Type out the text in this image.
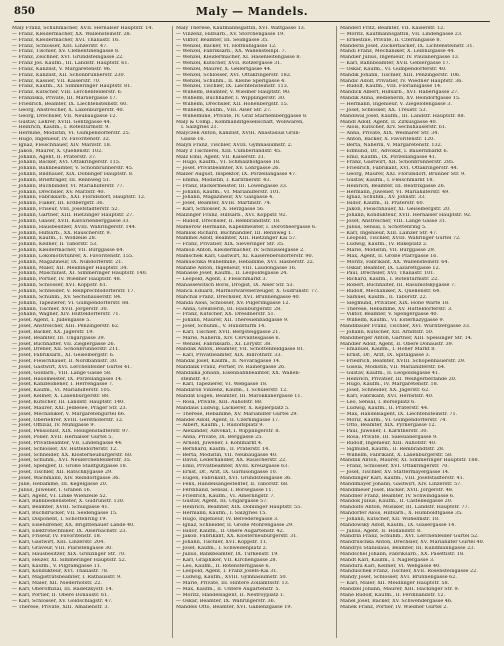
850	Maly — Mandels.
Maly Franz, Schuhmacher, XVII. Hernalser Hauptstr. 14.
— Franz, Kleidermacher, XX. Wallensteinstr. 28.
— Franz, Kleidermacher, XVI. Thaliastr. 16.
— Franz, Schlosser, XIII. Linzerstr. 47.
— Franz, Tischler, XV. Clementinengasse 8.
— Franz, Zeichner, XVI. Grundsteingasse 22.
— Franz Jos. Kaufm., III. Landstr. Hauptstr. 61.
— Franz, Kanzlist, V. Margaretenstr. 96.
— Franz, Kanzlist, XII. Schönbrunnerstr. 230.
— Franz, Kassier, VII. Kaiserstr. 70.
— Franz, Kaufm., XI. Simmeringer Hauptstr. 81.
— Franz, Kutscher, VIII. Lerchenfelderstr. 6.
— Franziska, Private, III. Marxergasse 17.
— Friedrich, Beamter, IX. Liechtensteinstr. 60.
— Georg, Anstreicher, X. Laxenburgerstr. 40.
— Georg, Drechsler, VII. Neubaugasse 12.
— Gustav, Lehrer, XVIII. Gentzgasse 44.
— Heinrich, Kaufm., I. Rotenturmstr. 9.
— Hermine, Modistin, VI. Gumpendorferstr. 25.
— Hugo, Ingenieur, IV. Favoritenstr. 32.
— Ignaz, Fleischhauer, XIV. Märzstr. 18.
— Jakob, Maurer, X. Quellenstr. 102.
— Johann, Agent, II. Praterstr. 37.
— Johann, Bäcker, XVI. Ottakringerstr. 115.
— Johann, Bahnbeamter, V. Schönbrunnerstr. 45.
— Johann, Bildhauer, XIX. Döblinger Hauptstr. 8.
— Johann, Briefträger, III. Rennweg 51.
— Johann, Buchbinder, VI. Mariahilferstr. 77.
— Johann, Drechsler, XV. Märzstr. 40.
— Johann, Fabriksarb., XXI. Floridsdorf, Hauptstr. 12.
— Johann, Fiaker, III. Erdbergstr. 36.
— Johann, Friseur, VIII. Josefstädterstr. 52.
— Johann, Gärtner, XIII. Hietzinger Hauptstr. 27.
— Johann, Glaser, XVII. Kalvarienberggasse 33.
— Johann, Hausbesitzer, XVIII. Währingerstr. 144.
— Johann, Hilfsarb., XX. Rauscherstr. 9.
— Johann, Kaufm., I. Wollzeile 28.
— Johann, Kellner, II. Taborstr. 53.
— Johann, Kleidermacher, VII. Burggasse 64.
— Johann, Lokomotivführer, X. Favoritenstr. 155.
— Johann, Magazineur, IX. Nußdorferstr. 21.
— Johann, Maler, XII. Meidlinger Hauptstr. 34.
— Johann, Maschinist, XI. Simmeringer Hauptstr. 140.
— Johann, Portier, IV. Wiedner Hauptstr. 48.
— Johann, Schlosser, XVI. Koppstr. 61.
— Johann, Schneider, V. Reinprechtsdorferstr. 17.
— Johann, Schuhm., XV. Sechshauserstr. 84.
— Johann, Tapezierer, VI. Gumpendorferstr. 88.
— Johann, Tischler, XVII. Jörgerstr. 30.
— Johann, Wagner, XIV. Hütteldorferstr. 71.
— Josef, Agent, I. Judengasse 5.
— Josef, Anstreicher, XIII. Penzingerstr. 62.
— Josef, Bäcker, XX. Jägerstr. 19.
— Josef, Beamter, III. Ungargasse 39.
— Josef, Buchhalter, VII. Zieglergasse 26.
— Josef, Dreher, XII. Schönbrunnerstr. 211.
— Josef, Fabriksarb., XI. Geiselbergstr. 6.
— Josef, Fleischhauer, II. Nordbahnstr. 30.
— Josef, Gastwirt, XVI. Lerchenfelder Gürtel 41.
— Josef, Goldarb., VIII. Lange Gasse 58.
— Josef, Hausmeister, IX. Porzellangasse 14.
— Josef, Kanzleidiener, I. Herrengasse 7.
— Josef, Kaufm., VI. Mariahilferstr. 105.
— Josef, Kellner, X. Laxenburgerstr. 88.
— Josef, Kutscher, III. Landstr. Hauptstr. 140.
— Josef, Maurer, XXI. Jedlesee, Prager Str. 23.
— Josef, Mechaniker, V. Margaretengürtel 66.
— Josef, Oberlehrer, XVIII. Gersthoferstr. 12.
— Josef, Offizial, IV. Mühlgasse 9.
— Josef, Pensionist, XIX. Heiligenstädterstr. 97.
— Josef, Polier, XVII. Hernalser Gürtel 5.
— Josef, Privatbeamter, VII. Lindengasse 44.
— Josef, Schlosser, XV. Hütteldorferstr. 12.
— Josef, Schneider, XX. Klosterneuburgerstr. 60.
— Josef, Schuhm., XVI. Neulerchenfelderstr. 35.
— Josef, Spengler, II. Große Stadtgutgasse 18.
— Josef, Tischler, XII. Ratschkygasse 29.
— Josef, Wachmann, XIV. Reindorfgasse 36.
— Julie, Hebamme, III. Kegelgasse 20.
— Julius, Juwelier, I. Graben 16.
— Karl, Agent, VI. Linke Wienzeile 52.
— Karl, Bahnbediensteter, X. Gudrunstr. 130.
— Karl, Beamter, XVIII. Schulgasse 41.
— Karl, Buchdrucker, VII. Seidengasse 15.
— Karl, Disponent, I. Schottenring 19.
— Karl, Eisendreher, XX. Brigittenauer Lände 40.
— Karl, Elektrotechniker, IX. Alserbachstr. 23.
— Karl, Friseur, IV. Favoritenstr. 18.
— Karl, Gastwirt, XIII. Linzerstr. 204.
— Karl, Graveur, VIII. Piaristengasse 30.
— Karl, Hausbesitzer, XIX. Grinzinger Str. 70.
— Karl, Heizer, XI. Simmeringer Hauptstr. 52.
— Karl, Kaufm., V. Pilgramgasse 11.
— Karl, Kondukteur, XVI. Thaliastr. 78.
— Karl, Magistratsbeamter, I. Rathausstr. 9.
— Karl, Maler, XII. Niederhofstr. 22.
— Karl, Oberoffizial, III. Radetzkystr. 14.
— Karl, Portier, II. Obere Donaustr. 61.
— Karl, Schlosser, XV. Goldschlagstr. 47.
— Therese, Private, XIII. Amalienstr. 3.
Maly Therese, Kaufmannsgattin, XVI. Wattgasse 13.
— Vinzenz, Hilfsarb., XV. Storchengasse 19.
— Viktor, Beamter, III. Seidlgasse 35.
— Wenzel, Bäcker, VI. Hofmühlgasse 12.
— Wenzel, Fabriksarb., XX. Wallensteinpl. 7.
— Wenzel, Kleidermacher, XI. Hasenleitengasse 8.
— Wenzel, Kutscher, XVII. Rötzergasse 31.
— Wenzel, Maurer, X. Gellertgasse 44.
— Wenzel, Schlosser, XVI. Ottakringerstr. 182.
— Wenzel, Schuhm., II. Kleine Sperlgasse 4.
— Wenzel, Tischler, IX. Liechtensteinstr. 113.
— Wilhelm, Beamter, V. Wiedner Hauptstr. 90.
— Wilhelm, Buchhalter, I. Wipplingerstr. 30.
— Wilhelm, Drechsler, XII. Hohenbergstr. 15.
— Wilhelm, Kaufm., VIII. Alser Str. 27.
— Wilhelmine, Private, IV. Graf Starhemberggasse 8.
Maly & Comp., Kommanditgesellschaft, Wollwaren,
I. Salzgries 21.
Malyczek Anton, Kanzlist, XVIII. Anastasius Grün-
Gasse 16.
Malyn Franz, Tischler, XVIII. Gymnasiumstr. 2.
Maly z Tischlerei, XIII. Cumberlandstr. 45.
Malz Emil, Agent, VII. Kaiserstr. 31.
— Hugo, Kaufm., VI. Schmalzhofgasse 18.
— Josef, Privatbeamter, XV. Löhrgasse 26.
Malzer August, Inspektor, IX. Porzellangasse 47.
— Emma, Modistin, I. Kärntnerstr. 43.
— Franz, Bäckermeister, III. Löwengasse 33.
— Johann, Kaufm., VI. Mariahilferstr. 101.
— Johann, Magazineur, XV. Gasgasse 4.
— Josef, Beamter, XVIII. Martinstr. 74.
— Karl, Schlosser, X. Herzgasse 56.
Malzinger Franz, Hilfsarb., XVI. Koppstr. 92.
— Rudolf, Drechsler, II. Rembrandtstr. 18.
Mamerow Hermann, Kapellmeister, I. Dorotheergasse 6.
Mamlok Richard, Buchhändler, III. Rennweg 1.
Mammel Adolf, Beamter, XIII. Hietzinger Kai 57.
— Franz, Privatier, XIX. Sieveringer Str. 35.
Mamoli Anton, Kleidermacher, IV. Schlüsselgasse 2.
Mamschek Karl, Gastwirt, XI. Kaiserebersdorferstr. 90.
Mamuschka Wilhelmine, Hebamme, XVI. Hasnerstr. 22.
Manabe Anton, Ingenieur, VIII. Laudongasse 16.
Manasse Josef, Kaufm., II. Leopoldsgasse 24.
— Leopold, Agent, I. Fleischmarkt 3.
Manassewitsch Boris, Drogist, IX. Alser Str. 53.
Manca Eduard, Marmorwarenerzeuger, X. Gudrunstr. 77.
Manchal Franz, Drechsler, XVI. Brunnengasse 40.
Manda Alois, Schlosser, XV. Pilgerimgasse 12.
— Anna, Greißlerin, III. Hainburgerstr. 28.
— Franz, Kutscher, XX. Dresdnerstr. 51.
— Johann, Maurer, XII. Theresienbadgasse 9.
— Josef, Schuhm., V. Hundsturm 14.
— Karl, Tischler, XVII. Bergsteiggasse 21.
— Marie, Näherin, XIV. Cervantesgasse 6.
— Wenzel, Fabriksarb., XI. Lorystr. 38.
Mandak Anton, Beamter, VII. Schottenfeldgasse 81.
— Karl, Privatbeamter, XIX. Billrothstr. 33.
Mandal Josef, Kaufm., II. Novaragasse 14.
Mandalik Franz, Portier, IV. Rainergasse 26.
Mandalka Johann, Eisenbahnbeamter, XX. Wallen-
steinstr. 47.
— Karl, Tapezierer, VI. Webgasse 18.
Mandaroli Vinzenz, Kaufm., I. Schulerstr. 12.
Mandat Eugen, Beamter, III. Marokkanergasse 11.
— Rosa, Private, XIII. Auhofstr. 88.
Mandaus Ludwig, Lackierer, X. Keplerplatz 5.
— Therese, Hebamme, XV. Mariahilfer Gürtel 29.
Mandel Adolf, Agent, II. Czerningasse 17.
— Albert, Kaufm., I. Rudolfsplatz 9.
— Alexander, Advokat, I. Wipplingerstr. 8.
— Anna, Private, IX. Berggasse 25.
— Arnold, Juwelier, I. Kohlmarkt 4.
— Bernhard, Kaufm., II. Praterstr. 14.
— Berta, Modistin, VII. Neubaugasse 40.
— David, Lederhändler, XX. Rauscherstr. 22.
— Emil, Privatbeamter, XVIII. Kreuzgasse 63.
— Ernst, Dr., Arzt, IX. Garnisongasse 10.
— Eugen, Fabrikant, XVI. Grundsteingasse 36.
— Felix, Handelsangestellter, II. Taborstr. 68.
— Ferdinand, Sensal, I. Börsegasse 11.
— Friedrich, Kaufm., VI. Amerlingstr. 7.
— Gustav, Agent, III. Ungargasse 57.
— Heinrich, Beamter, XIX. Döblinger Hauptstr. 55.
— Hermann, Kaufm., I. Salzgries 15.
— Hugo, Ingenieur, IV. Belvederegasse 3.
— Ignaz, Schneider, II. Große Mohrengasse 29.
— Isidor, Kaufm., II. Obere Augartenstr. 42.
— Jakob, Fabrikant, XX. Klosterneuburgerstr. 31.
— Johann, Tischler, XVI. Koppstr. 11.
— Josef, Kaufm., I. Schwedenplatz 2.
— Julius, Bankbeamter, IX. Türkenstr. 19.
— Karl, Graphiker, VII. Kirchengasse 28.
— Leo, Kaufm., II. Rotensterngasse 6.
— Leopold, Agent, I. Franz Josefs-Kai 31.
— Ludwig, Kaufm., XVIII. Gymnasiumstr. 50.
— Marie, Private, III. Hintere Zollamtsstr. 13.
— Max, Kaufm., II. Untere Augartenstr. 5.
— Moritz, Handelsagent, II. Nestroyplatz 1.
— Oskar, Beamter, IX. Währingerstr. 36.
Mandels Otto, Beamter, XVI. Gablenzgasse 19.
Manderl Fritz, Beamter, VII. Kaiserstr. 12.
— Moritz, Kaufmannsgattin, VII. Lindengasse 23.
— Ernestine, Private, II. Czerningasse 8.
Manderla Josef, Zuckerbäcker, IX. Lichtensteinstr. 31.
Mandi Franz, Mechaniker, X. Leibnizgasse 44.
Mandier Julius, Ingenieur, IV. Paulanergasse 13.
— Karl, Bahnbeamter, XVII. Geblergasse 17.
— Oskar, Kaufm., VI. Gumpendorferstr. 40.
Mandik Johann, Tischler, XIII. Penzingerstr. 106.
Mandic Adolf, Privatier, IV. Wiedner Hauptstr. 36.
— Rudolf, Kaufm., VIII. Florianigasse 14.
Mandick Albert, Hilfsarb., XVI. Haberlgasse 27.
Mandik Anna, Bedienerin, XV. Reindorfgasse 15.
— Hermann, Ingenieur, V. Ziegelofengasse 3.
— Josef, Schlosser, XX. Treustr. 53.
Mandiwal Josef, Kaufm., III. Landstr. Hauptstr. 88.
Mandl Adolf, Agent, II. Zirkusgasse 40.
— Alois, Kutscher, XIV. Sechshauserstr. 61.
— Anna, Private, XIX. Weimarer Str. 34.
— Anton, Bäcker, X. Favoritenstr. 120.
— Berta, Näherin, V. Margaretenstr. 132.
— Edmund, Dr., Advokat, I. Bauernmarkt 6.
— Emil, Kaufm., IX. Porzellangasse 41.
— Franz, Gastwirt, XII. Schönbrunnerstr. 285.
— Friedrich, Fabrikant, XVI. Ottakringerstr. 44.
— Georg, Maurer, XXI. Floridsdorf, Brünner Str. 9.
— Gustav, Kaufm., I. Fleischmarkt 18.
— Heinrich, Beamter, III. Beatrixgasse 26.
— Hermann, Juwelier, VI. Mariahilferstr. 49.
— Ignaz, Schuhm., XV. Johnstr. 33.
— Isidor, Kaufm., II. Praterstr. 60.
— Jakob, Fleischhauer, XI. Geiselbergstr. 20.
— Johann, Kondukteur, XVII. Hernalser Hauptstr. 92.
— Josef, Anstreicher, VIII. Lange Gasse 31.
— Julius, Sensal, I. Schottenring 5.
— Karl, Ingenieur, XIII. Lainzer Str. 47.
— Leopold, Tischler, XVIII. Währinger Gürtel 72.
— Ludwig, Kaufm., IV. Rilkeplatz 2.
— Marie, Modistin, VII. Burggasse 29.
— Max, Agent, II. Große Pfarrgasse 16.
— Moritz, Fabrikant, XX. Wallensteinstr. 64.
— Oskar, Beamter, IX. Lazarettgasse 12.
— Paul, Drechsler, XVI. Thaliastr. 101.
— Richard, Kaufm., I. Rotenturmstr. 22.
— Robert, Buchhalter, III. Rasumofskygasse 7.
— Rudolf, Mechaniker, X. Quellenstr. 64.
— Samuel, Kaufm., II. Taborstr. 22.
— Siegmund, Privatier, XIX. Hohe Warte 18.
— Therese, Hebamme, XV. Hütteldorferstr. 3.
— Viktor, Beamter, V. Spengergasse 40.
— Wilhelm, Kaufm., VI. Esterhazygasse 9.
Mandlbauer Franz, Tischler, XVI. Wurlitzergasse 33.
— Johann, Kutscher, XII. Arndtstr. 50.
Mandlberger Anton, Gärtner, XIII. Speisinger Str. 14.
Mandler Adolf, Agent, II. Obere Donaustr. 39.
— Emanuel, Kaufm., I. Hoher Markt 8.
— Ernst, Dr., Arzt, IX. Spitalgasse 3.
— Friedrich, Beamter, XVIII. Schopenhauerstr. 29.
— Gisela, Modistin, VII. Mariahilferstr. 64.
— Gustav, Kaufm., II. Leopoldsgasse 41.
— Heinrich, Privatier, III. Weißgerberlände 20.
— Hugo, Kaufm., IV. Margaretenstr. 18.
— Josef, Schneider, XX. Jägerstr. 62.
— Karl, Fabrikant, XVI. Herbststr. 40.
— Leo, Sensal, I. Börseplatz 6.
— Ludwig, Kaufm., II. Praterstr. 44.
— Max, Handelsagent, IX. Liechtensteinstr. 71.
— Moriz, Kaufm., VI. Gumpendorferstr. 74.
— Otto, Beamter, XIX. Pyrkergasse 12.
— Paul, Juwelier, I. Kärntnerstr. 30.
— Rosa, Private, III. Salesianergasse 9.
— Rudolf, Ingenieur, XIII. Auhofstr. 40.
— Sigmund, Kaufm., II. Rembrandtstr. 28.
— Wilhelm, Fabrikant, X. Laxenburgerstr. 58.
Mandlik Anton, Maurer, XI. Simmeringer Hauptstr. 188.
— Franz, Schlosser, XVI. Ottakringerstr. 70.
— Josef, Tischler, XV. Stättermayergasse 14.
Mandlinger Karl, Kaufm., VIII. Josefstädterstr. 41.
Mandlmayer Johann, Gastwirt, XIV. Linzerstr. 57.
Mandlmeier Josef, Bäcker, XVII. Jörgerstr. 48.
Mandner Franz, Beamter, IV. Schwindgasse 6.
Mandok Julius, Kaufm., II. Castellezgasse 20.
Mandolfo Anton, Musiker, III. Landstr. Hauptstr. 77.
Mandorfer Alois, Hilfsarb., X. Humboldtgasse 35.
— Johann, Kutscher, XII. Wilhelmstr. 18.
Mandowsky Adolf, Kaufm., IX. Glasergasse 14.
— Julius, Agent, II. Hollandstr. 8.
Mandrla Franz, Schuhm., XVI. Lerchenfelder Gürtel 52.
Mandruschka Anton, Drechsler, XV. Mariahilfer Gürtel 40.
Mandrys Stanislaus, Beamter, III. Kundmanngasse 23.
Mandschel Johann, Fabriksarb., XX. Pasettistr. 18.
Mandt Karl, Kaufm., I. Naglergasse 3.
Mandura Karl, Kellner, VI. Webgasse 40.
Manduschek Franz, Tischler, XVII. Rosensteingasse 22.
Mandy Josef, Schlosser, XVI. Brunnengasse 62.
— Karl, Maler, XII. Meidlinger Hauptstr. 58.
Mandzel Johann, Maurer, XIII. Hackinger Str. 9.
Mane Rudolf, Kaufm., II. Ferdinandstr. 12.
Manel Josef, Bäcker, XV. Schwendergasse 46.
Manek Franz, Portier, IV. Wiedner Gürtel 2.
